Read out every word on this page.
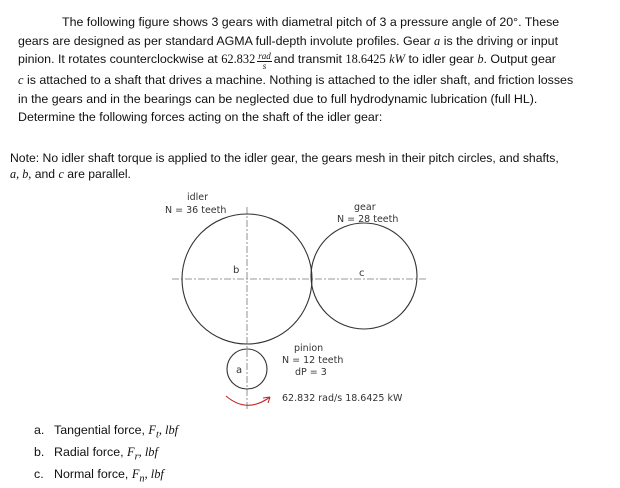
The following figure shows 3 gears with diametral pitch of 3 a pressure angle of 20°. These
gears are designed as per standard AGMA full-depth involute profiles. Gear a is the driving or input
pinion. It rotates counterclockwise at $62.832 \frac{\text{rad}}{s}$ and transmit 18.6425 kW to idler gear b. Output gear
c is attached to a shaft that drives a machine. Nothing is attached to the idler shaft, and friction losses
in the gears and in the bearings can be neglected due to full hydrodynamic lubrication (full HL).
Determine the following forces acting on the shaft of the idler gear:
Note: No idler shaft torque is applied to the idler gear, the gears mesh in their pitch circles, and shafts,
a, b, and c are parallel.
idler
N = 36 teeth
b
gear
N = 28 teeth
c
pinion
N = 12 teeth
dP = 3
a
62.832 rad/s 18.6425 kW
a. Tangential force, $F_t$, lbf
b. Radial force, $F_r$, lbf
c. Normal force, $F_n$, lbf
